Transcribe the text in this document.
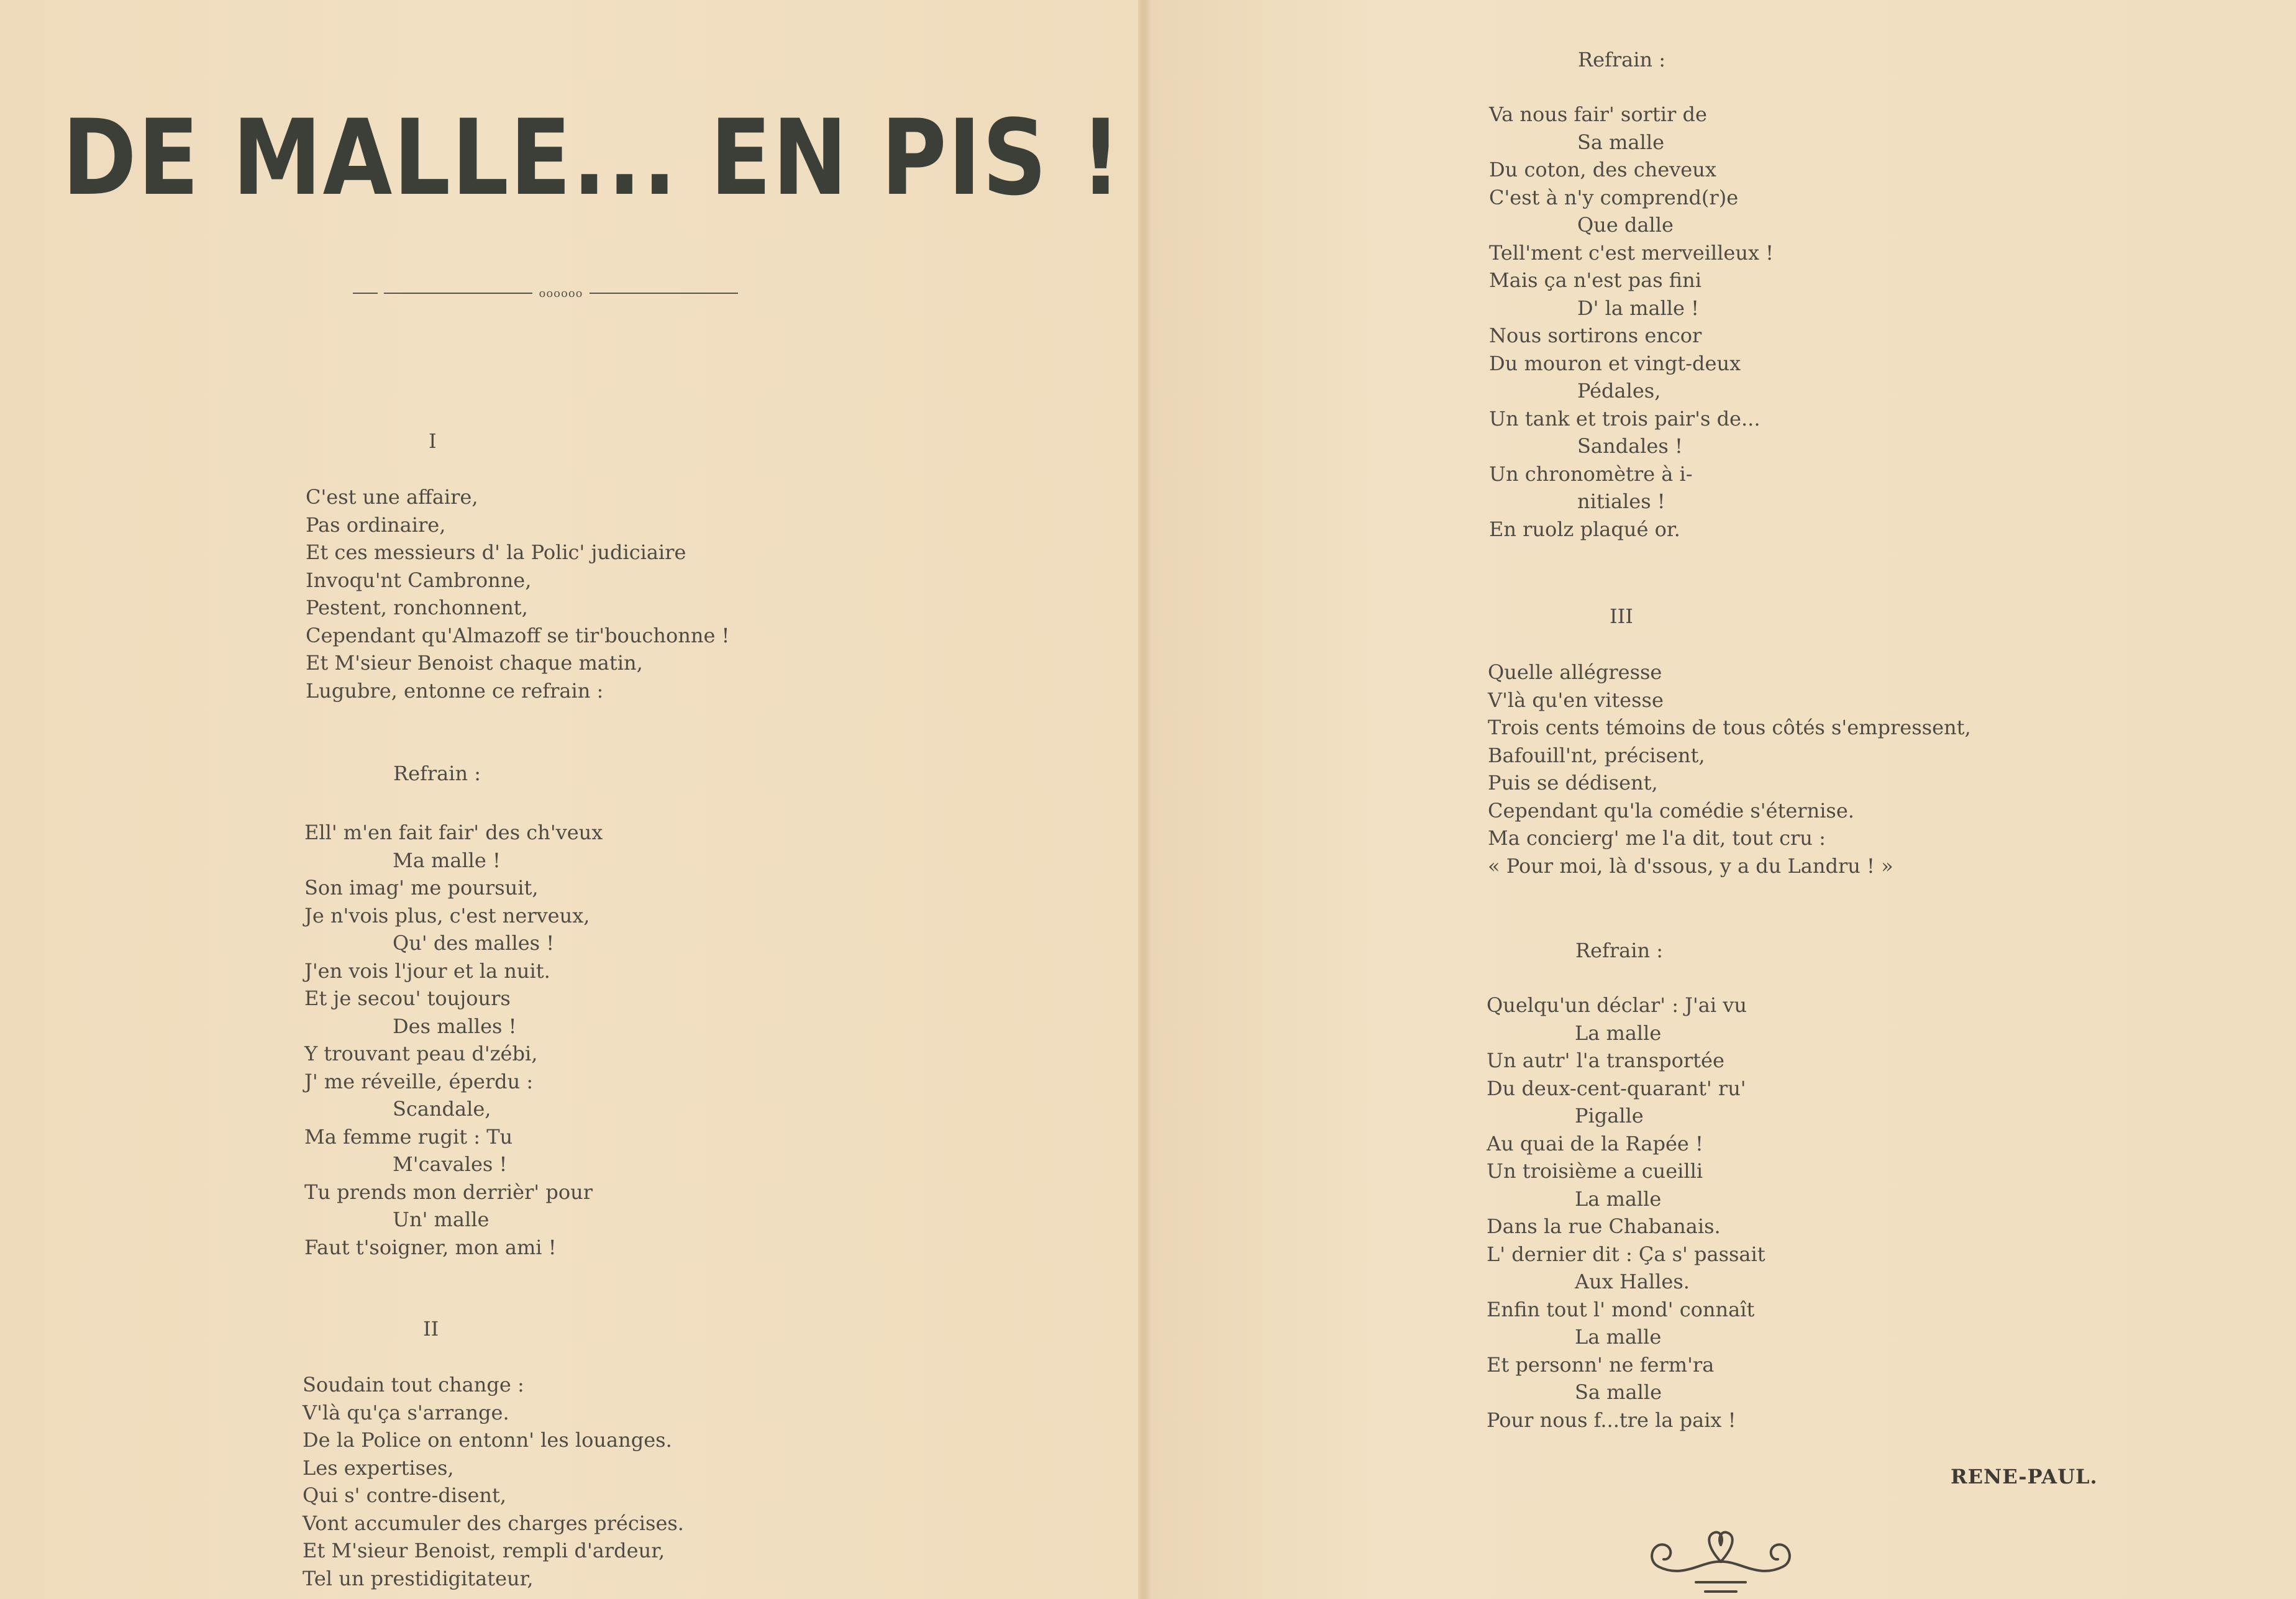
DE MALLE... EN PIS !
oooooo
I
C'est une affaire,
Pas ordinaire,
Et ces messieurs d' la Polic' judiciaire
Invoqu'nt Cambronne,
Pestent, ronchonnent,
Cependant qu'Almazoff se tir'bouchonne !
Et M'sieur Benoist chaque matin,
Lugubre, entonne ce refrain :
Refrain :
Ell' m'en fait fair' des ch'veux
Ma malle !
Son imag' me poursuit,
Je n'vois plus, c'est nerveux,
Qu' des malles !
J'en vois l'jour et la nuit.
Et je secou' toujours
Des malles !
Y trouvant peau d'zébi,
J' me réveille, éperdu :
Scandale,
Ma femme rugit : Tu
M'cavales !
Tu prends mon derrièr' pour
Un' malle
Faut t'soigner, mon ami !
II
Soudain tout change :
V'là qu'ça s'arrange.
De la Police on entonn' les louanges.
Les expertises,
Qui s' contre-disent,
Vont accumuler des charges précises.
Et M'sieur Benoist, rempli d'ardeur,
Tel un prestidigitateur,
Refrain :
Va nous fair' sortir de
Sa malle
Du coton, des cheveux
C'est à n'y comprend(r)e
Que dalle
Tell'ment c'est merveilleux !
Mais ça n'est pas fini
D' la malle !
Nous sortirons encor
Du mouron et vingt-deux
Pédales,
Un tank et trois pair's de...
Sandales !
Un chronomètre à i-
nitiales !
En ruolz plaqué or.
III
Quelle allégresse
V'là qu'en vitesse
Trois cents témoins de tous côtés s'empressent,
Bafouill'nt, précisent,
Puis se dédisent,
Cependant qu'la comédie s'éternise.
Ma concierg' me l'a dit, tout cru :
« Pour moi, là d'ssous, y a du Landru ! »
Refrain :
Quelqu'un déclar' : J'ai vu
La malle
Un autr' l'a transportée
Du deux-cent-quarant' ru'
Pigalle
Au quai de la Rapée !
Un troisième a cueilli
La malle
Dans la rue Chabanais.
L' dernier dit : Ça s' passait
Aux Halles.
Enfin tout l' mond' connaît
La malle
Et personn' ne ferm'ra
Sa malle
Pour nous f...tre la paix !
RENE-PAUL.
